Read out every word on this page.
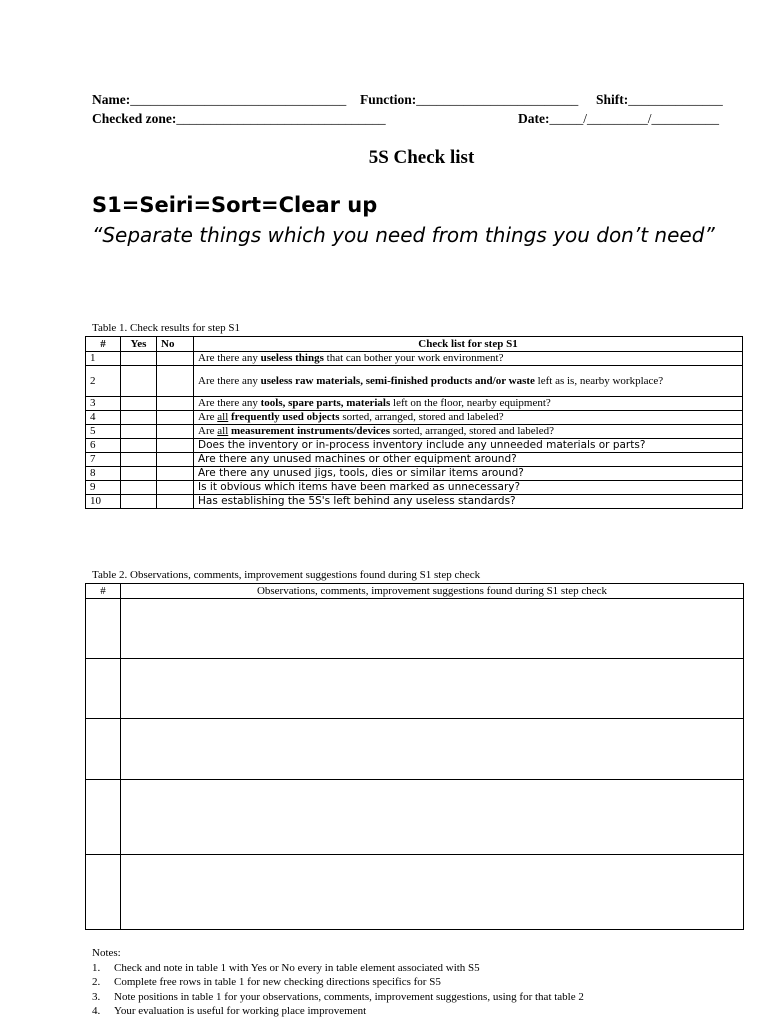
Name:________________________________ Function:________________________ Shift:______________
Checked zone:_______________________________	Date:_____/_________/__________
5S Check list
S1=Seiri=Sort=Clear up
“Separate things which you need from things you don’t need”
Table 1. Check results for step S1
#	Yes	No	Check list for step S1
1			Are there any useless things that can bother your work environment?
2			Are there any useless raw materials, semi-finished products and/or waste left as is, nearby workplace?
3			Are there any tools, spare parts, materials left on the floor, nearby equipment?
4			Are all frequently used objects sorted, arranged, stored and labeled?
5			Are all measurement instruments/devices sorted, arranged, stored and labeled?
6			Does the inventory or in-process inventory include any unneeded materials or parts?
7			Are there any unused machines or other equipment around?
8			Are there any unused jigs, tools, dies or similar items around?
9			Is it obvious which items have been marked as unnecessary?
10			Has establishing the 5S's left behind any useless standards?
Table 2. Observations, comments, improvement suggestions found during S1 step check
#	Observations, comments, improvement suggestions found during S1 step check

Notes:
1.	Check and note in table 1 with Yes or No every in table element associated with S5
2.	Complete free rows in table 1 for new checking directions specifics for S5
3.	Note positions in table 1 for your observations, comments, improvement suggestions, using for that table 2
4.	Your evaluation is useful for working place improvement
